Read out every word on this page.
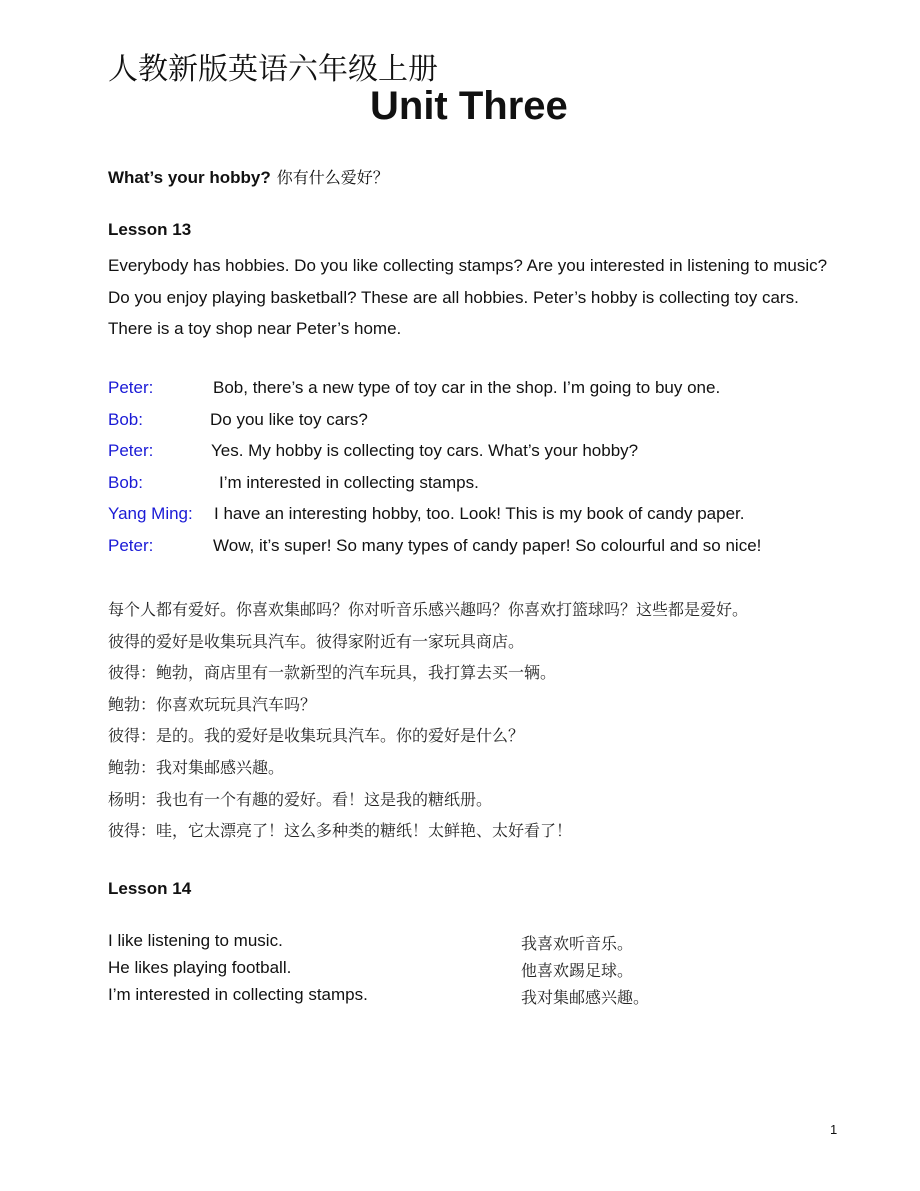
人教新版英语六年级上册
Unit Three
What’s your hobby? 你有什么爱好？
Lesson 13
Everybody has hobbies. Do you like collecting stamps? Are you interested in listening to music? Do you enjoy playing basketball? These are all hobbies. Peter’s hobby is collecting toy cars. There is a toy shop near Peter’s home.
Peter:	Bob, there’s a new type of toy car in the shop. I’m going to buy one.
Bob:	Do you like toy cars?
Peter:	Yes. My hobby is collecting toy cars. What’s your hobby?
Bob:	I’m interested in collecting stamps.
Yang Ming: I have an interesting hobby, too. Look! This is my book of candy paper.
Peter:	Wow, it’s super! So many types of candy paper! So colourful and so nice!
每个人都有爱好。你喜欢集邮吗？你对听音乐感兴趣吗？你喜欢打篮球吗？这些都是爱好。
彼得的爱好是收集玩具汽车。彼得家附近有一家玩具商店。
彼得：鲍勃，商店里有一款新型的汽车玩具，我打算去买一辆。
鲍勃：你喜欢玩玩具汽车吗？
彼得：是的。我的爱好是收集玩具汽车。你的爱好是什么？
鲍勃：我对集邮感兴趣。
杨明：我也有一个有趣的爱好。看！这是我的糖纸册。
彼得：哇，它太漂亮了！这么多种类的糖纸！太鲜艳、太好看了！
Lesson 14
I like listening to music.	我喜欢听音乐。
He likes playing football.	他喜欢踢足球。
I’m interested in collecting stamps.	我对集邮感兴趣。
1
